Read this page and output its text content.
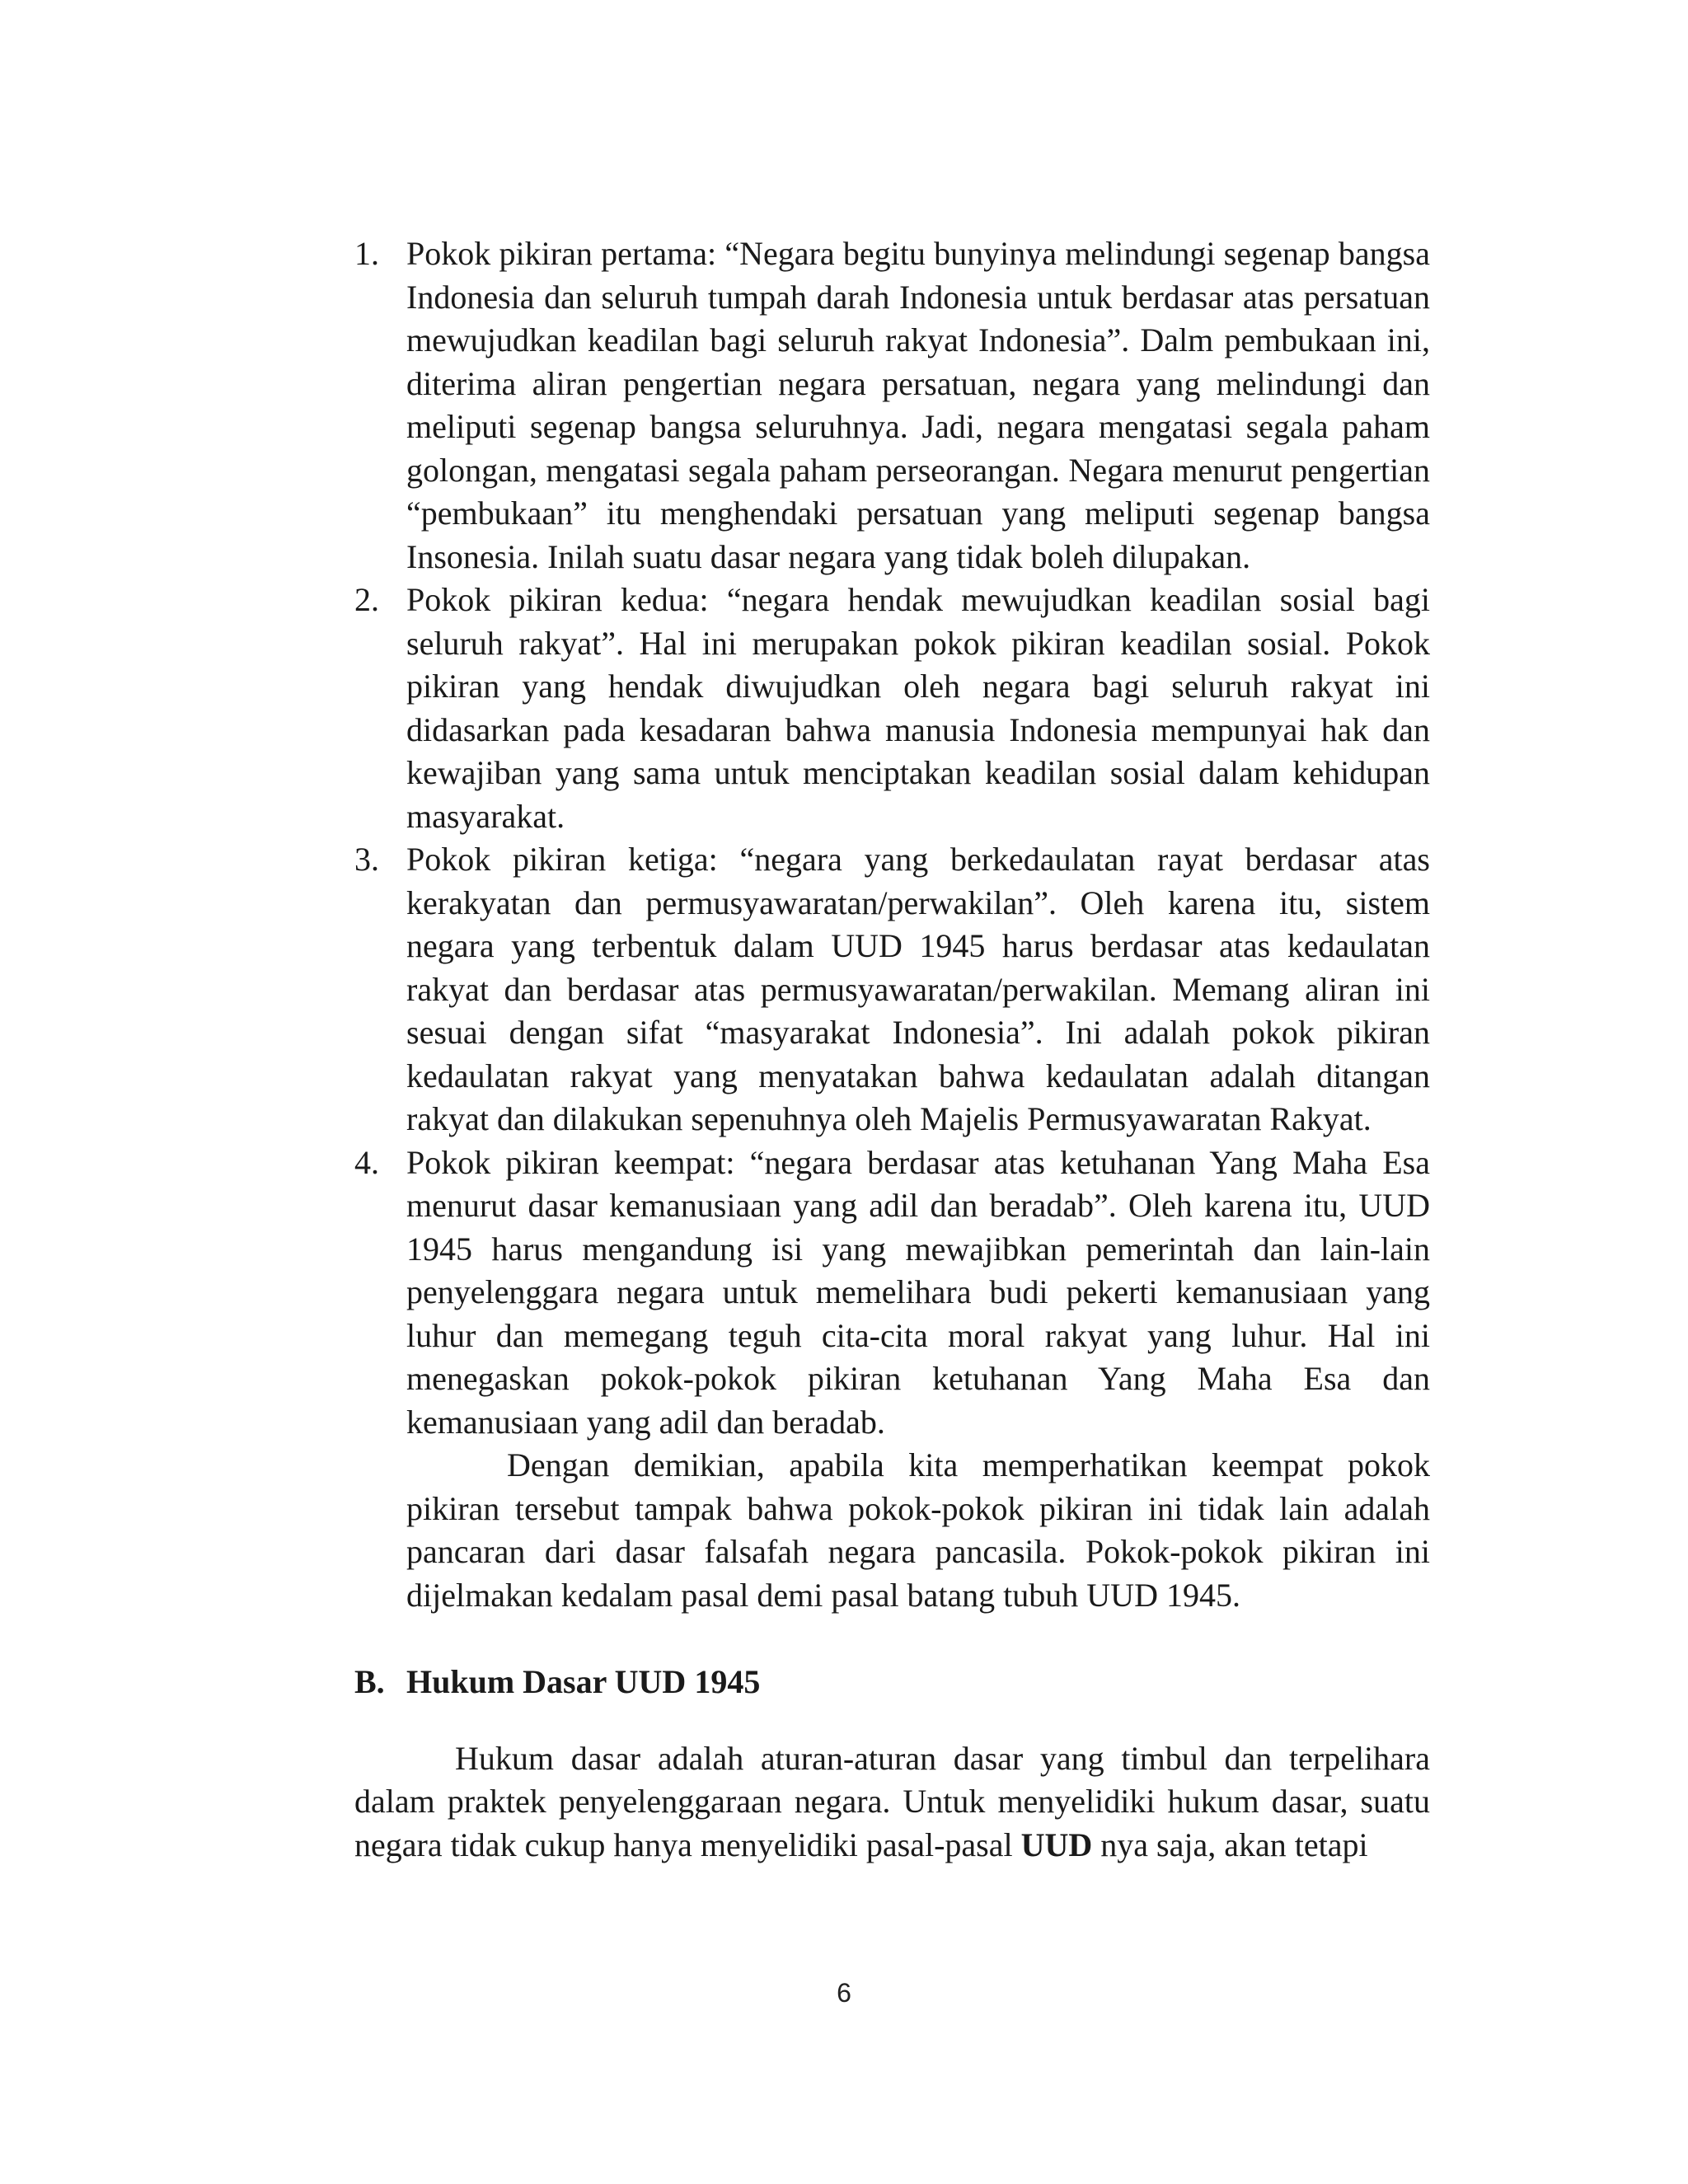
1. Pokok pikiran pertama: “Negara begitu bunyinya melindungi segenap bangsa Indonesia dan seluruh tumpah darah Indonesia untuk berdasar atas persatuan mewujudkan keadilan bagi seluruh rakyat Indonesia”. Dalm pembukaan ini, diterima aliran pengertian negara persatuan, negara yang melindungi dan meliputi segenap bangsa seluruhnya. Jadi, negara mengatasi segala paham golongan, mengatasi segala paham perseorangan. Negara menurut pengertian “pembukaan” itu menghendaki persatuan yang meliputi segenap bangsa Insonesia. Inilah suatu dasar negara yang tidak boleh dilupakan.

2. Pokok pikiran kedua: “negara hendak mewujudkan keadilan sosial bagi seluruh rakyat”. Hal ini merupakan pokok pikiran keadilan sosial. Pokok pikiran yang hendak diwujudkan oleh negara bagi seluruh rakyat ini didasarkan pada kesadaran bahwa manusia Indonesia mempunyai hak dan kewajiban yang sama untuk menciptakan keadilan sosial dalam kehidupan masyarakat.

3. Pokok pikiran ketiga: “negara yang berkedaulatan rayat berdasar atas kerakyatan dan permusyawaratan/perwakilan”. Oleh karena itu, sistem negara yang terbentuk dalam UUD 1945 harus berdasar atas kedaulatan rakyat dan berdasar atas permusyawaratan/perwakilan. Memang aliran ini sesuai dengan sifat “masyarakat Indonesia”. Ini adalah pokok pikiran kedaulatan rakyat yang menyatakan bahwa kedaulatan adalah ditangan rakyat dan dilakukan sepenuhnya oleh Majelis Permusyawaratan Rakyat.

4. Pokok pikiran keempat: “negara berdasar atas ketuhanan Yang Maha Esa menurut dasar kemanusiaan yang adil dan beradab”. Oleh karena itu, UUD 1945 harus mengandung isi yang mewajibkan pemerintah dan lain-lain penyelenggara negara untuk memelihara budi pekerti kemanusiaan yang luhur dan memegang teguh cita-cita moral rakyat yang luhur. Hal ini menegaskan pokok-pokok pikiran ketuhanan Yang Maha Esa dan kemanusiaan yang adil dan beradab.

Dengan demikian, apabila kita memperhatikan keempat pokok pikiran tersebut tampak bahwa pokok-pokok pikiran ini tidak lain adalah pancaran dari dasar falsafah negara pancasila. Pokok-pokok pikiran ini dijelmakan kedalam pasal demi pasal batang tubuh UUD 1945.

B. Hukum Dasar UUD 1945

Hukum dasar adalah aturan-aturan dasar yang timbul dan terpelihara dalam praktek penyelenggaraan negara. Untuk menyelidiki hukum dasar, suatu negara tidak cukup hanya menyelidiki pasal-pasal UUD nya saja, akan tetapi

6
